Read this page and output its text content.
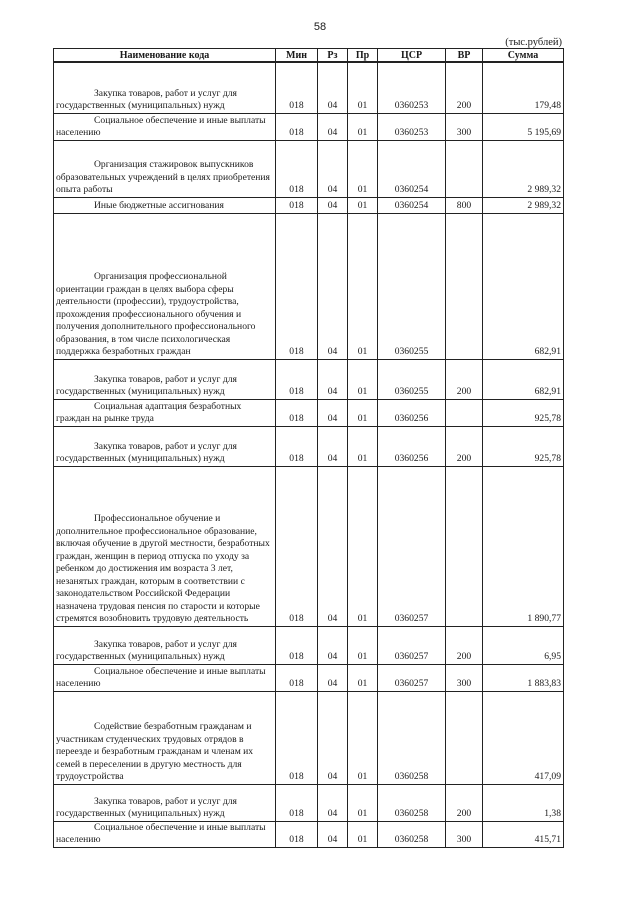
58
(тыс.рублей)
Наименование кода	Мин	Рз	Пр	ЦСР	ВР	Сумма
Закупка товаров, работ и услуг для государственных (муниципальных) нужд	018	04	01	0360253	200	179,48
Социальное обеспечение и иные выплаты населению	018	04	01	0360253	300	5 195,69
Организация стажировок выпускников образовательных учреждений в целях приобретения опыта работы	018	04	01	0360254		2 989,32
Иные бюджетные ассигнования	018	04	01	0360254	800	2 989,32
Организация профессиональной ориентации граждан в целях выбора сферы деятельности (профессии), трудоустройства, прохождения профессионального обучения и получения дополнительного профессионального образования, в том числе психологическая поддержка безработных граждан	018	04	01	0360255		682,91
Закупка товаров, работ и услуг для государственных (муниципальных) нужд	018	04	01	0360255	200	682,91
Социальная адаптация безработных граждан на рынке труда	018	04	01	0360256		925,78
Закупка товаров, работ и услуг для государственных (муниципальных) нужд	018	04	01	0360256	200	925,78
Профессиональное обучение и дополнительное профессиональное образование, включая обучение в другой местности, безработных граждан, женщин в период отпуска по уходу за ребенком до достижения им возраста 3 лет, незанятых граждан, которым в соответствии с законодательством Российской Федерации назначена трудовая пенсия по старости и которые стремятся возобновить трудовую деятельность	018	04	01	0360257		1 890,77
Закупка товаров, работ и услуг для государственных (муниципальных) нужд	018	04	01	0360257	200	6,95
Социальное обеспечение и иные выплаты населению	018	04	01	0360257	300	1 883,83
Содействие безработным гражданам и участникам студенческих трудовых отрядов в переезде и безработным гражданам и членам их семей в переселении в другую местность для трудоустройства	018	04	01	0360258		417,09
Закупка товаров, работ и услуг для государственных (муниципальных) нужд	018	04	01	0360258	200	1,38
Социальное обеспечение и иные выплаты населению	018	04	01	0360258	300	415,71
